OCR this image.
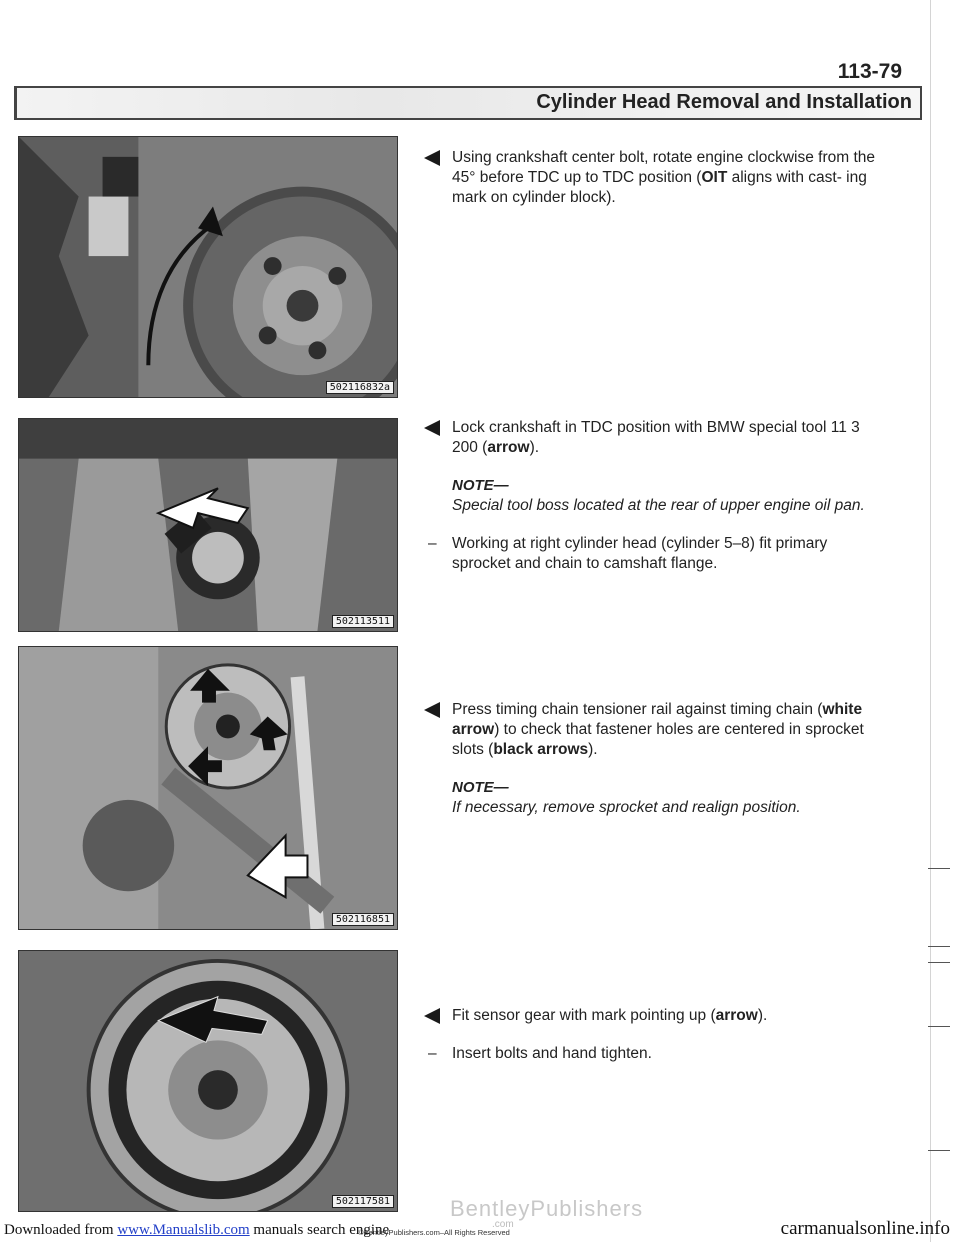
113-79
Cylinder Head Removal and Installation
502116832a
502113511
502116851
502117581
Using crankshaft center bolt, rotate engine clockwise from the 45° before TDC up to TDC position (OIT aligns with cast- ing mark on cylinder block).
Lock crankshaft in TDC position with BMW special tool 11 3 200 (arrow).
NOTE—
Special tool boss located at the rear of upper engine oil pan.
– Working at right cylinder head (cylinder 5–8) fit primary sprocket and chain to camshaft flange.
Press timing chain tensioner rail against timing chain (white arrow) to check that fastener holes are centered in sprocket slots (black arrows).
NOTE—
If necessary, remove sprocket and realign position.
Fit sensor gear with mark pointing up (arrow).
– Insert bolts and hand tighten.
BentleyPublishers
.com
Downloaded from www.Manualslib.com manuals search engine
©BentleyPublishers.com–All Rights Reserved	carmanualsonline.info
